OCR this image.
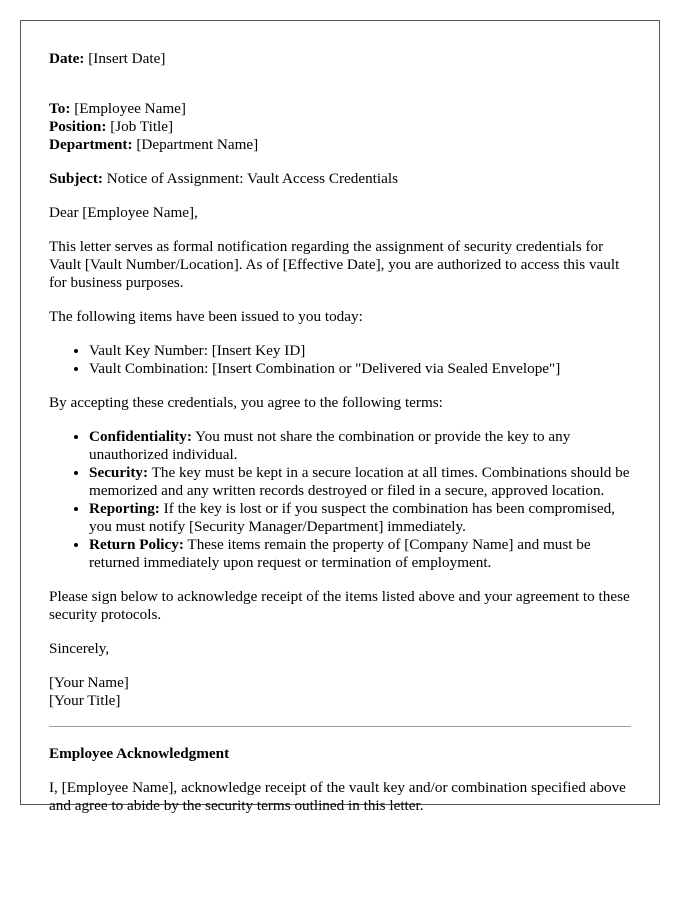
Date: [Insert Date]

To: [Employee Name]

Position: [Job Title]

Department: [Department Name]

Subject: Notice of Assignment: Vault Access Credentials

Dear [Employee Name],

This letter serves as formal notification regarding the assignment of security credentials for Vault [Vault Number/Location]. As of [Effective Date], you are authorized to access this vault for business purposes.

The following items have been issued to you today:

• Vault Key Number: [Insert Key ID]
• Vault Combination: [Insert Combination or "Delivered via Sealed Envelope"]

By accepting these credentials, you agree to the following terms:

• Confidentiality: You must not share the combination or provide the key to any unauthorized individual.
• Security: The key must be kept in a secure location at all times. Combinations should be memorized and any written records destroyed or filed in a secure, approved location.
• Reporting: If the key is lost or if you suspect the combination has been compromised, you must notify [Security Manager/Department] immediately.
• Return Policy: These items remain the property of [Company Name] and must be returned immediately upon request or termination of employment.

Please sign below to acknowledge receipt of the items listed above and your agreement to these security protocols.

Sincerely,

[Your Name]

[Your Title]

Employee Acknowledgment

I, [Employee Name], acknowledge receipt of the vault key and/or combination specified above and agree to abide by the security terms outlined in this letter.
